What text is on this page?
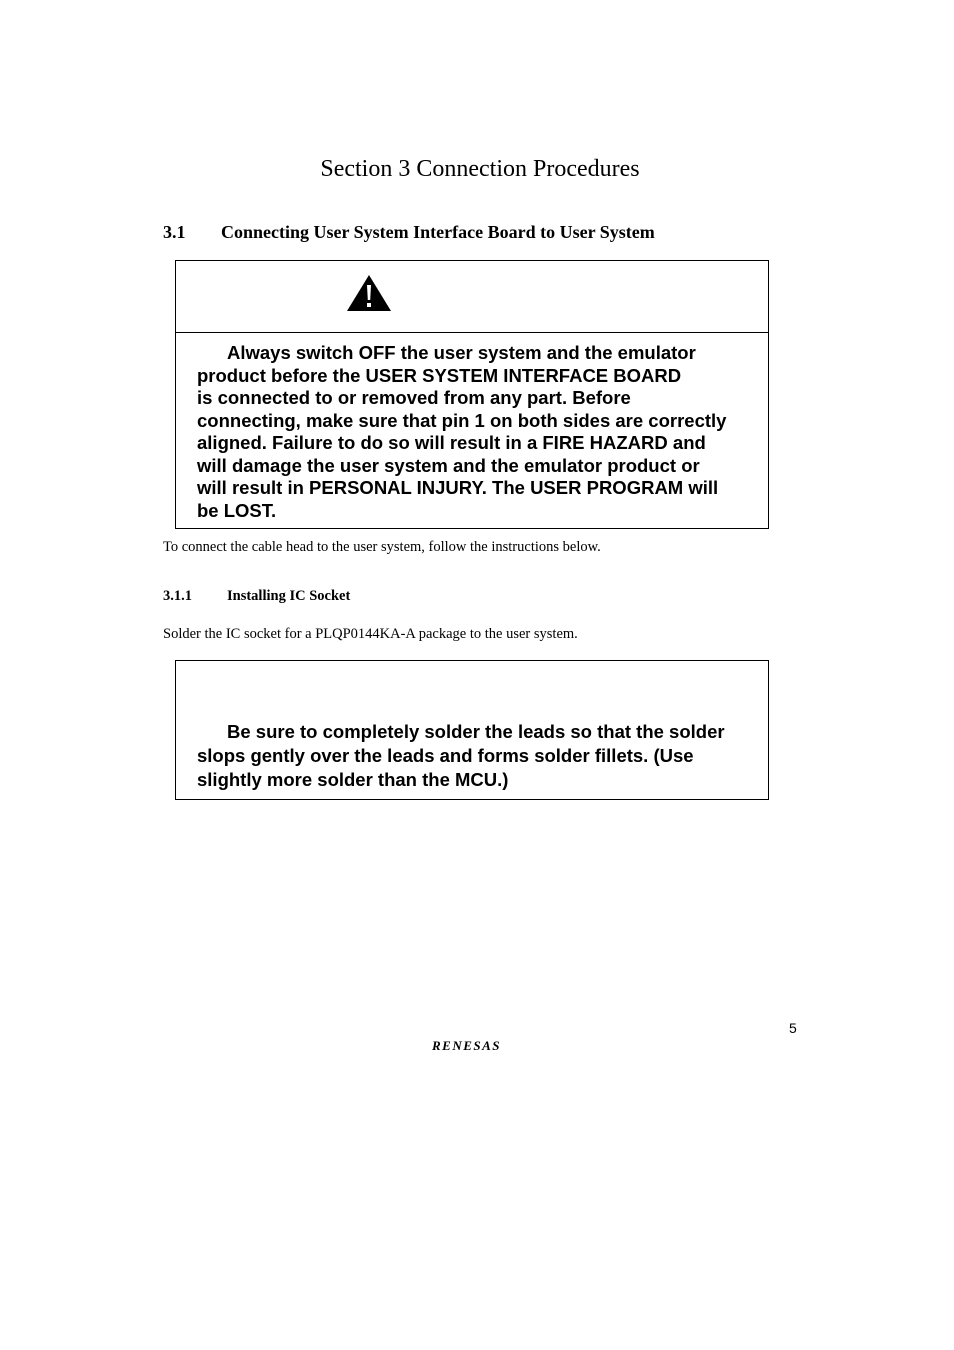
Section 3 Connection Procedures
3.1 Connecting User System Interface Board to User System
Always switch OFF the user system and the emulator
product before the USER SYSTEM INTERFACE BOARD
is connected to or removed from any part. Before
connecting, make sure that pin 1 on both sides are correctly
aligned. Failure to do so will result in a FIRE HAZARD and
will damage the user system and the emulator product or
will result in PERSONAL INJURY. The USER PROGRAM will
be LOST.
To connect the cable head to the user system, follow the instructions below.
3.1.1 Installing IC Socket
Solder the IC socket for a PLQP0144KA-A package to the user system.
Be sure to completely solder the leads so that the solder
slops gently over the leads and forms solder fillets. (Use
slightly more solder than the MCU.)
5
RENESAS
